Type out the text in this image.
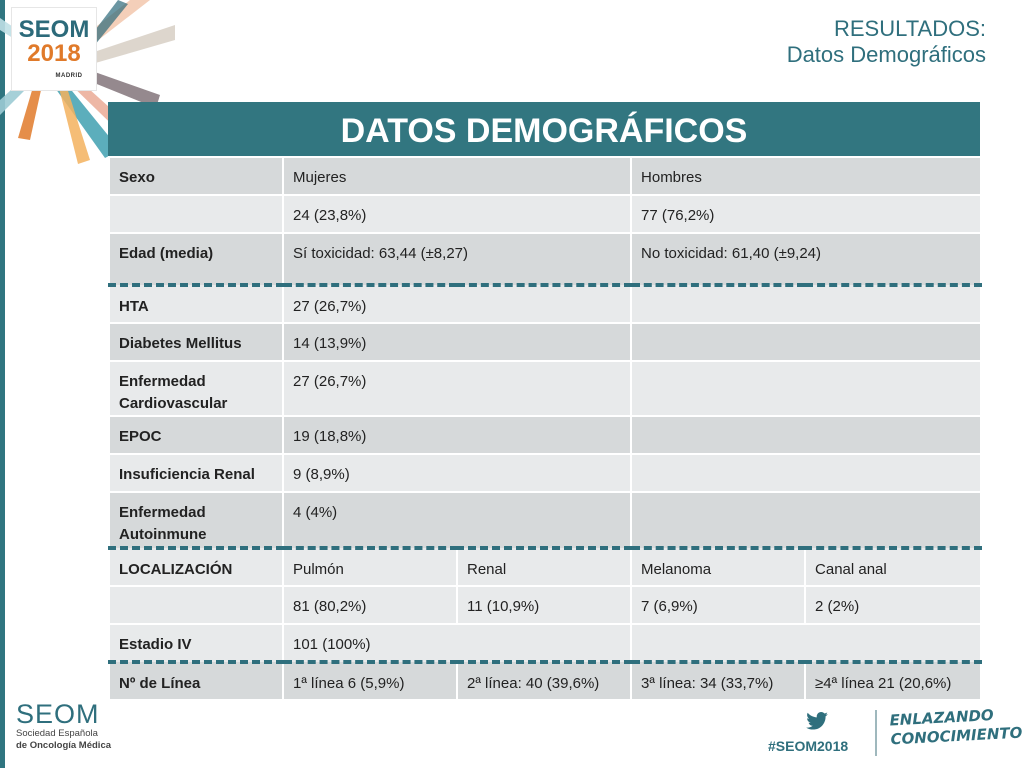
SEOM
2018
MADRID
RESULTADOS:
Datos Demográficos
DATOS DEMOGRÁFICOS
Sexo	Mujeres		Hombres	
	24 (23,8%)		77 (76,2%)	
Edad (media)	Sí toxicidad: 63,44 (±8,27)		No toxicidad: 61,40 (±9,24)	
HTA	27 (26,7%)			
Diabetes Mellitus	14 (13,9%)			
Enfermedad Cardiovascular	27 (26,7%)			
EPOC	19 (18,8%)			
Insuficiencia Renal	9 (8,9%)			
Enfermedad Autoinmune	4 (4%)			
LOCALIZACIÓN	Pulmón	Renal	Melanoma	Canal anal
	81 (80,2%)	11 (10,9%)	7 (6,9%)	2 (2%)
Estadio IV	101 (100%)			
Nº de Línea	1ª línea 6 (5,9%)	2ª línea: 40 (39,6%)	3ª línea: 34 (33,7%)	≥4ª línea 21 (20,6%)
SEOM
Sociedad Española
de Oncología Médica	#SEOM2018
ENLAZANDO
CONOCIMIENTO
